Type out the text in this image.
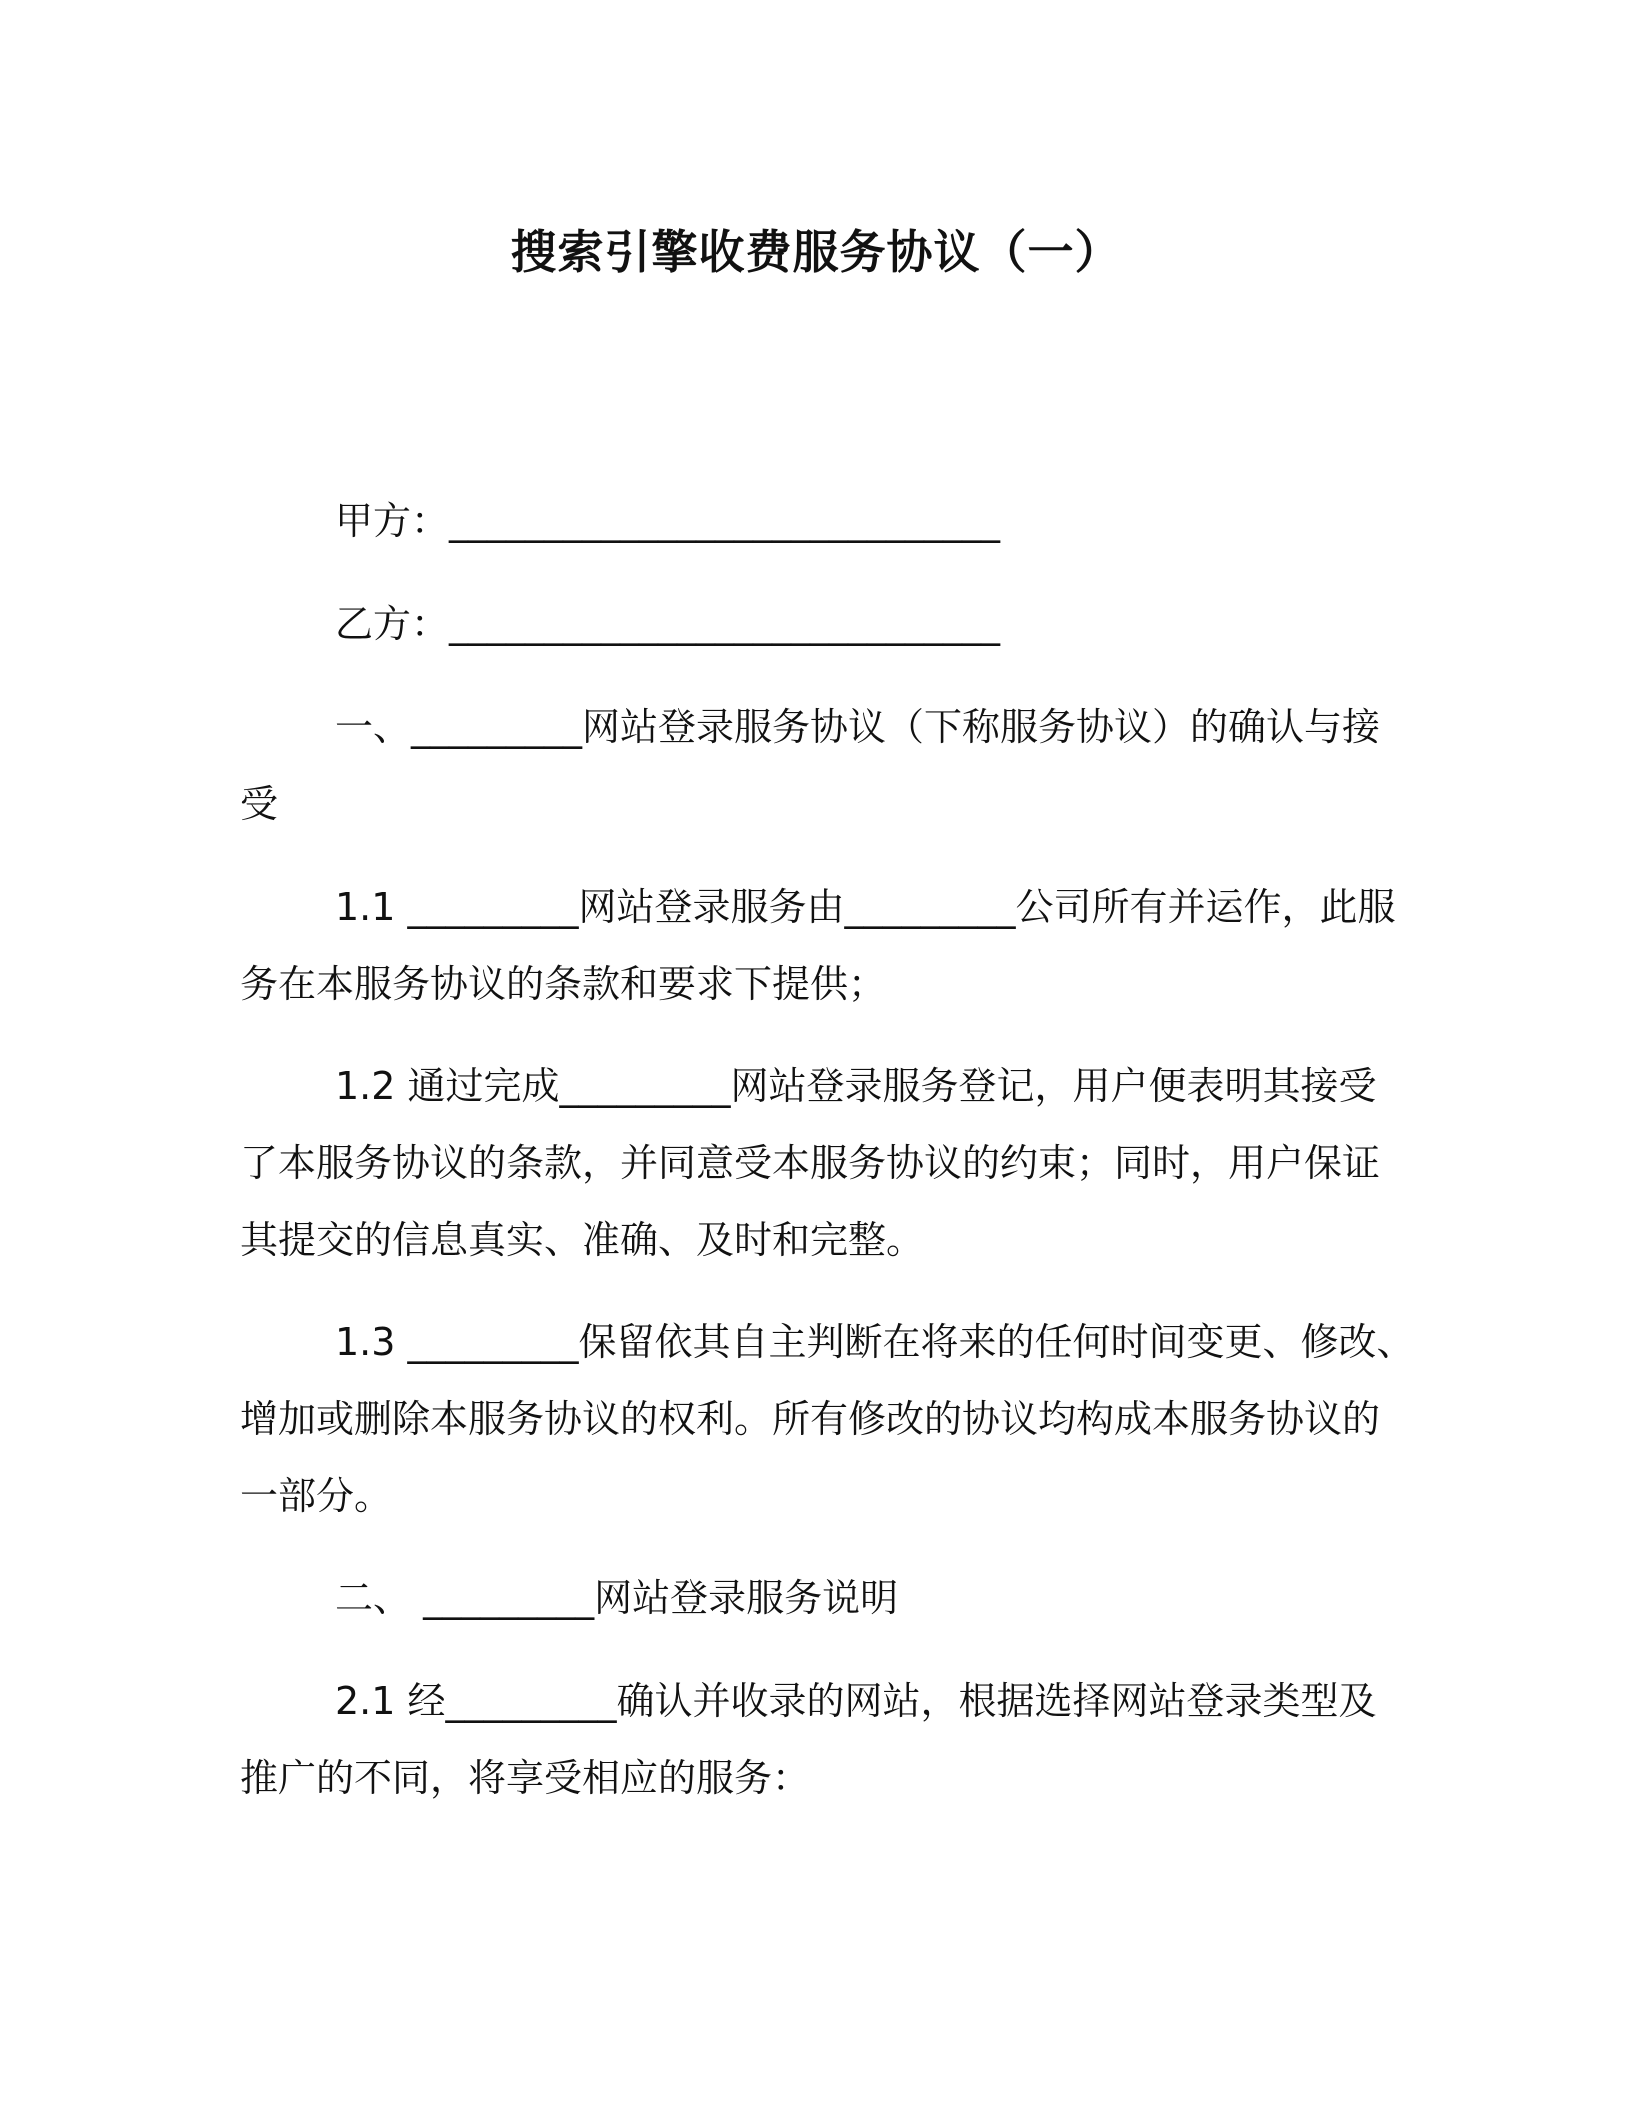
搜索引擎收费服务协议（一）
甲方：_____________________________
乙方：_____________________________
一、_________网站登录服务协议（下称服务协议）的确认与接
受
1.1 _________网站登录服务由_________公司所有并运作，此服
务在本服务协议的条款和要求下提供；
1.2 通过完成_________网站登录服务登记，用户便表明其接受
了本服务协议的条款，并同意受本服务协议的约束；同时，用户保证
其提交的信息真实、准确、及时和完整。
1.3 _________保留依其自主判断在将来的任何时间变更、修改、
增加或删除本服务协议的权利。所有修改的协议均构成本服务协议的
一部分。
二、 _________网站登录服务说明
2.1 经_________确认并收录的网站，根据选择网站登录类型及
推广的不同，将享受相应的服务：
